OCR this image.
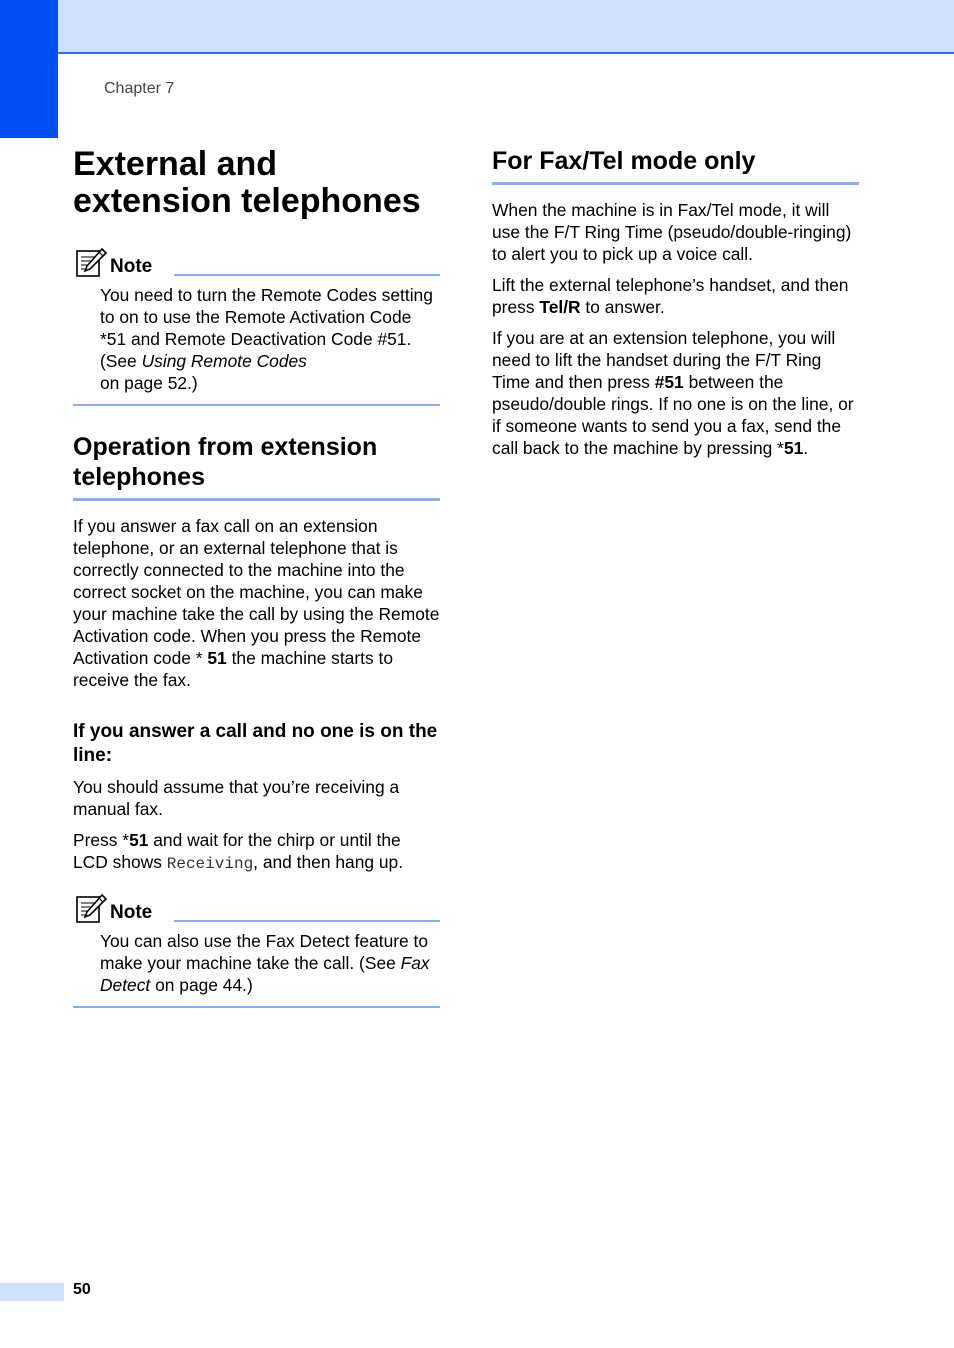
Chapter 7
External and extension telephones
Note

You need to turn the Remote Codes setting to on to use the Remote Activation Code *51 and Remote Deactivation Code #51. (See Using Remote Codes
on page 52.)

Operation from extension telephones

If you answer a fax call on an extension telephone, or an external telephone that is correctly connected to the machine into the correct socket on the machine, you can make your machine take the call by using the Remote Activation code. When you press the Remote Activation code * 51 the machine starts to receive the fax.

If you answer a call and no one is on the line:

You should assume that you’re receiving a manual fax.

Press *51 and wait for the chirp or until the LCD shows Receiving, and then hang up.

Note

You can also use the Fax Detect feature to make your machine take the call. (See Fax Detect on page 44.)

For Fax/Tel mode only

When the machine is in Fax/Tel mode, it will use the F/T Ring Time (pseudo/double-ringing) to alert you to pick up a voice call.

Lift the external telephone’s handset, and then press Tel/R to answer.

If you are at an extension telephone, you will need to lift the handset during the F/T Ring Time and then press #51 between the pseudo/double rings. If no one is on the line, or if someone wants to send you a fax, send the call back to the machine by pressing *51.

50
